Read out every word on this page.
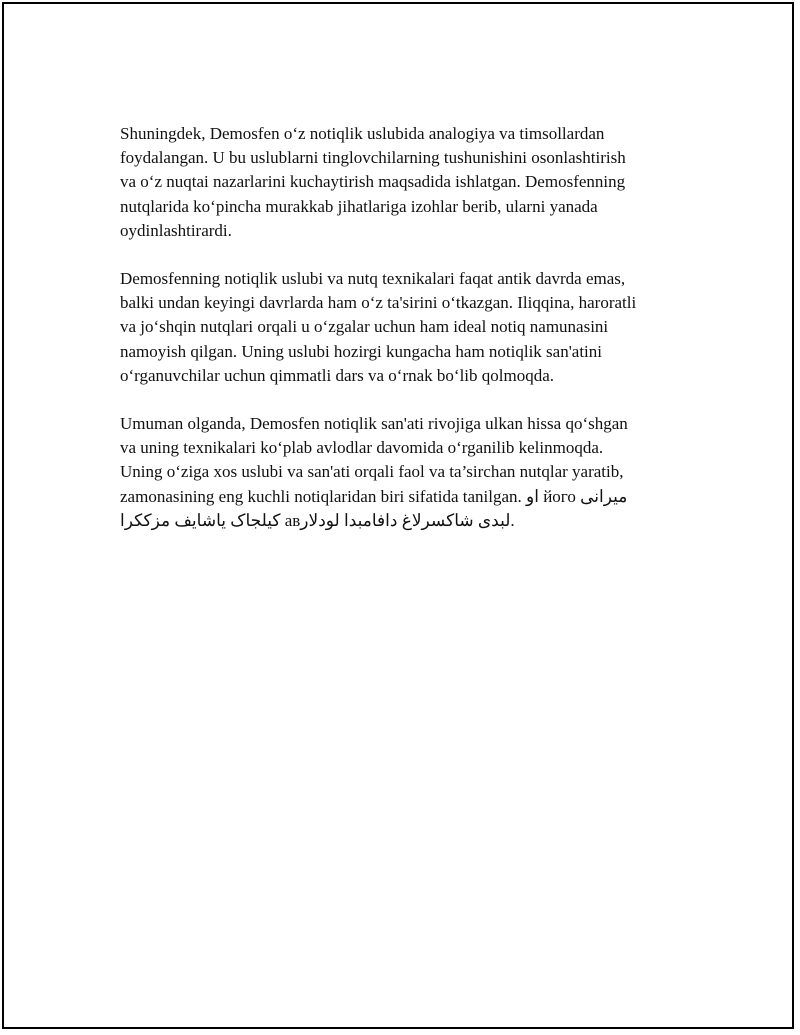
Shuningdek, Demosfen oʻz notiqlik uslubida analogiya va timsollardan
foydalangan. U bu uslublarni tinglovchilarning tushunishini osonlashtirish
va oʻz nuqtai nazarlarini kuchaytirish maqsadida ishlatgan. Demosfenning
nutqlarida koʻpincha murakkab jihatlariga izohlar berib, ularni yanada
oydinlashtirardi.

Demosfenning notiqlik uslubi va nutq texnikalari faqat antik davrda emas,
balki undan keyingi davrlarda ham oʻz ta'sirini oʻtkazgan. Iliqqina, haroratli
va joʻshqin nutqlari orqali u oʻzgalar uchun ham ideal notiq namunasini
namoyish qilgan. Uning uslubi hozirgi kungacha ham notiqlik san'atini
oʻrganuvchilar uchun qimmatli dars va oʻrnak boʻlib qolmoqda.

Umuman olganda, Demosfen notiqlik san'ati rivojiga ulkan hissa qoʻshgan
va uning texnikalari koʻplab avlodlar davomida oʻrganilib kelinmoqda.
Uning oʻziga xos uslubi va san'ati orqali faol va ta’sirchan nutqlar yaratib,
zamonasining eng kuchli notiqlaridan biri sifatida tanilgan. او його ميرانى
کیلجاک یاشایف مزککرا авلبدی شاکسرلاغ دافامبدا لودلار.
